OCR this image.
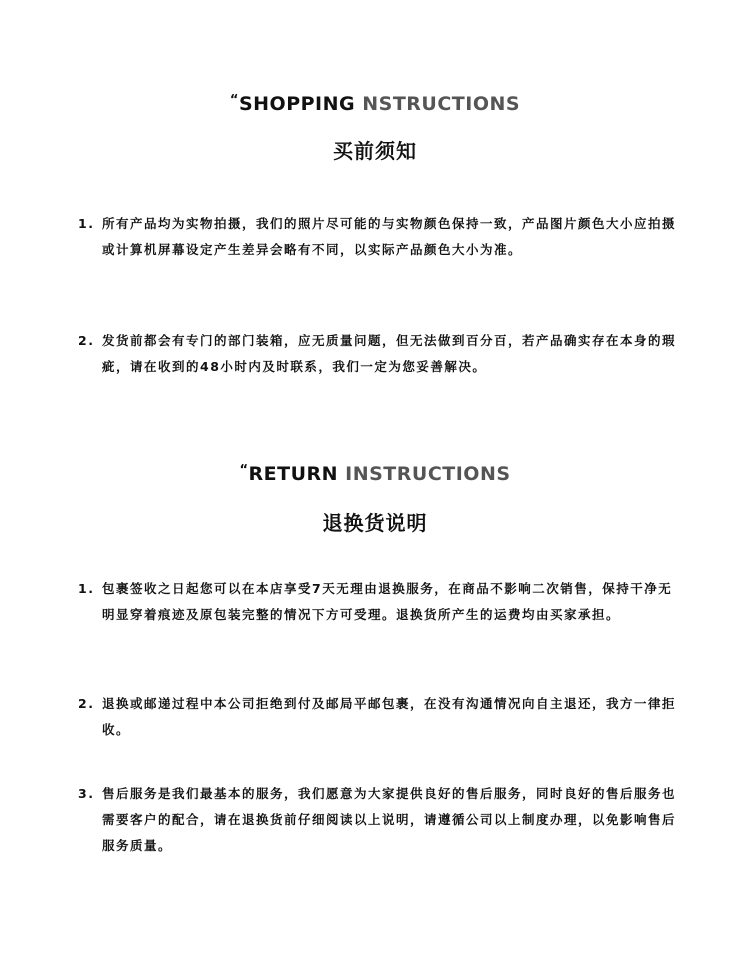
“SHOPPING NSTRUCTIONS
买前须知
1. 所有产品均为实物拍摄，我们的照片尽可能的与实物颜色保持一致，产品图片颜色大小应拍摄或计算机屏幕设定产生差异会略有不同，以实际产品颜色大小为准。
2. 发货前都会有专门的部门装箱，应无质量问题，但无法做到百分百，若产品确实存在本身的瑕疵，请在收到的48小时内及时联系，我们一定为您妥善解决。
“RETURN INSTRUCTIONS
退换货说明
1. 包裹签收之日起您可以在本店享受7天无理由退换服务，在商品不影响二次销售，保持干净无明显穿着痕迹及原包装完整的情况下方可受理。退换货所产生的运费均由买家承担。
2. 退换或邮递过程中本公司拒绝到付及邮局平邮包裹，在没有沟通情况向自主退还，我方一律拒收。
3. 售后服务是我们最基本的服务，我们愿意为大家提供良好的售后服务，同时良好的售后服务也需要客户的配合，请在退换货前仔细阅读以上说明，请遵循公司以上制度办理，以免影响售后服务质量。
